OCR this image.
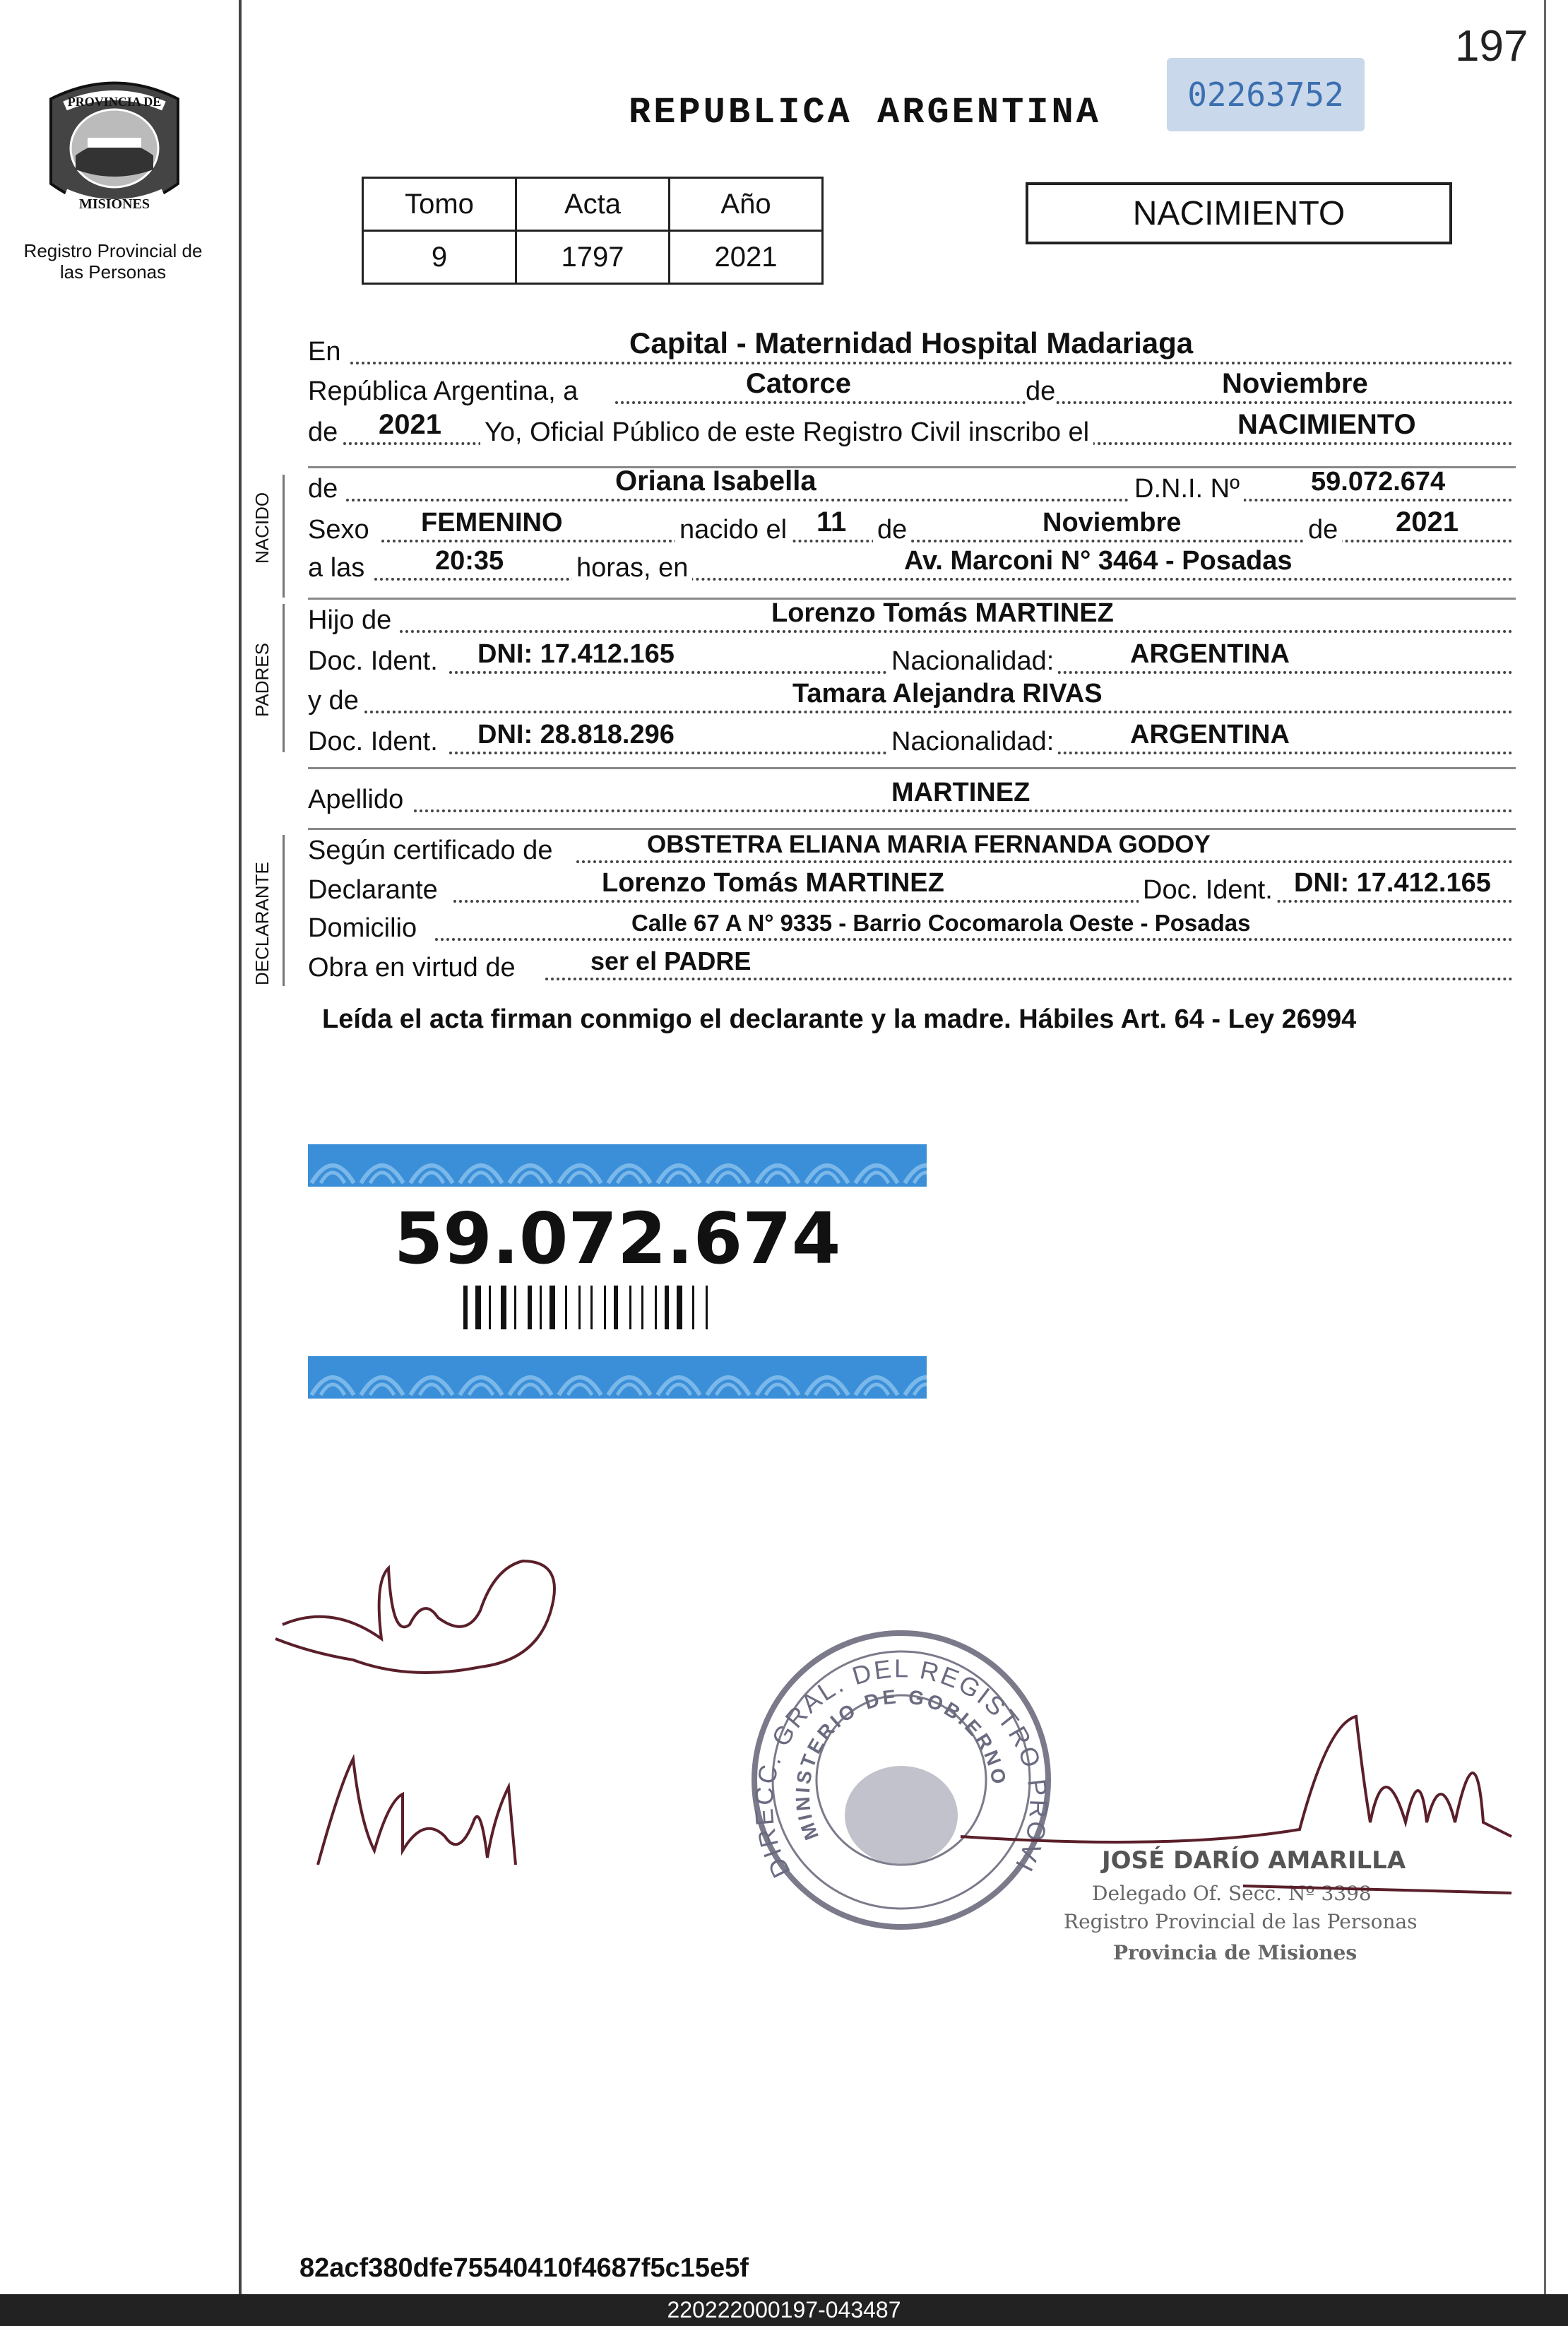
197
02263752
REPUBLICA ARGENTINA
PROVINCIA DE
MISIONES
Registro Provincial de las Personas
Tomo	Acta	Año
9	1797	2021
NACIMIENTO
NACIDO
PADRES
DECLARANTE
En	Capital - Maternidad Hospital Madariaga
República Argentina, a	Catorce	de	Noviembre
de 2021 Yo, Oficial Público de este Registro Civil inscribo el	NACIMIENTO
de	Oriana Isabella	D.N.I. Nº	59.072.674
Sexo FEMENINO	nacido el 11 de	Noviembre	de 2021
a las	20:35	horas, en	Av. Marconi N° 3464 - Posadas
Hijo de	Lorenzo Tomás MARTINEZ
Doc. Ident. DNI: 17.412.165	Nacionalidad:	ARGENTINA
y de	Tamara Alejandra RIVAS
Doc. Ident. DNI: 28.818.296	Nacionalidad:	ARGENTINA
Apellido	MARTINEZ
Según certificado de	OBSTETRA ELIANA MARIA FERNANDA GODOY
Declarante	Lorenzo Tomás MARTINEZ	Doc. Ident. DNI: 17.412.165
Domicilio	Calle 67 A N° 9335 - Barrio Cocomarola Oeste - Posadas
Obra en virtud de	ser el PADRE
Leída el acta firman conmigo el declarante y la madre. Hábiles Art. 64 - Ley 26994
59.072.674
DIRECC. GRAL. DEL REGISTRO PROVI
MINISTERIO DE GOBIERNO
JOSÉ DARÍO AMARILLA
Delegado Of. Secc. Nº 3398
Registro Provincial de las Personas
Provincia de Misiones
82acf380dfe75540410f4687f5c15e5f
220222000197-043487
